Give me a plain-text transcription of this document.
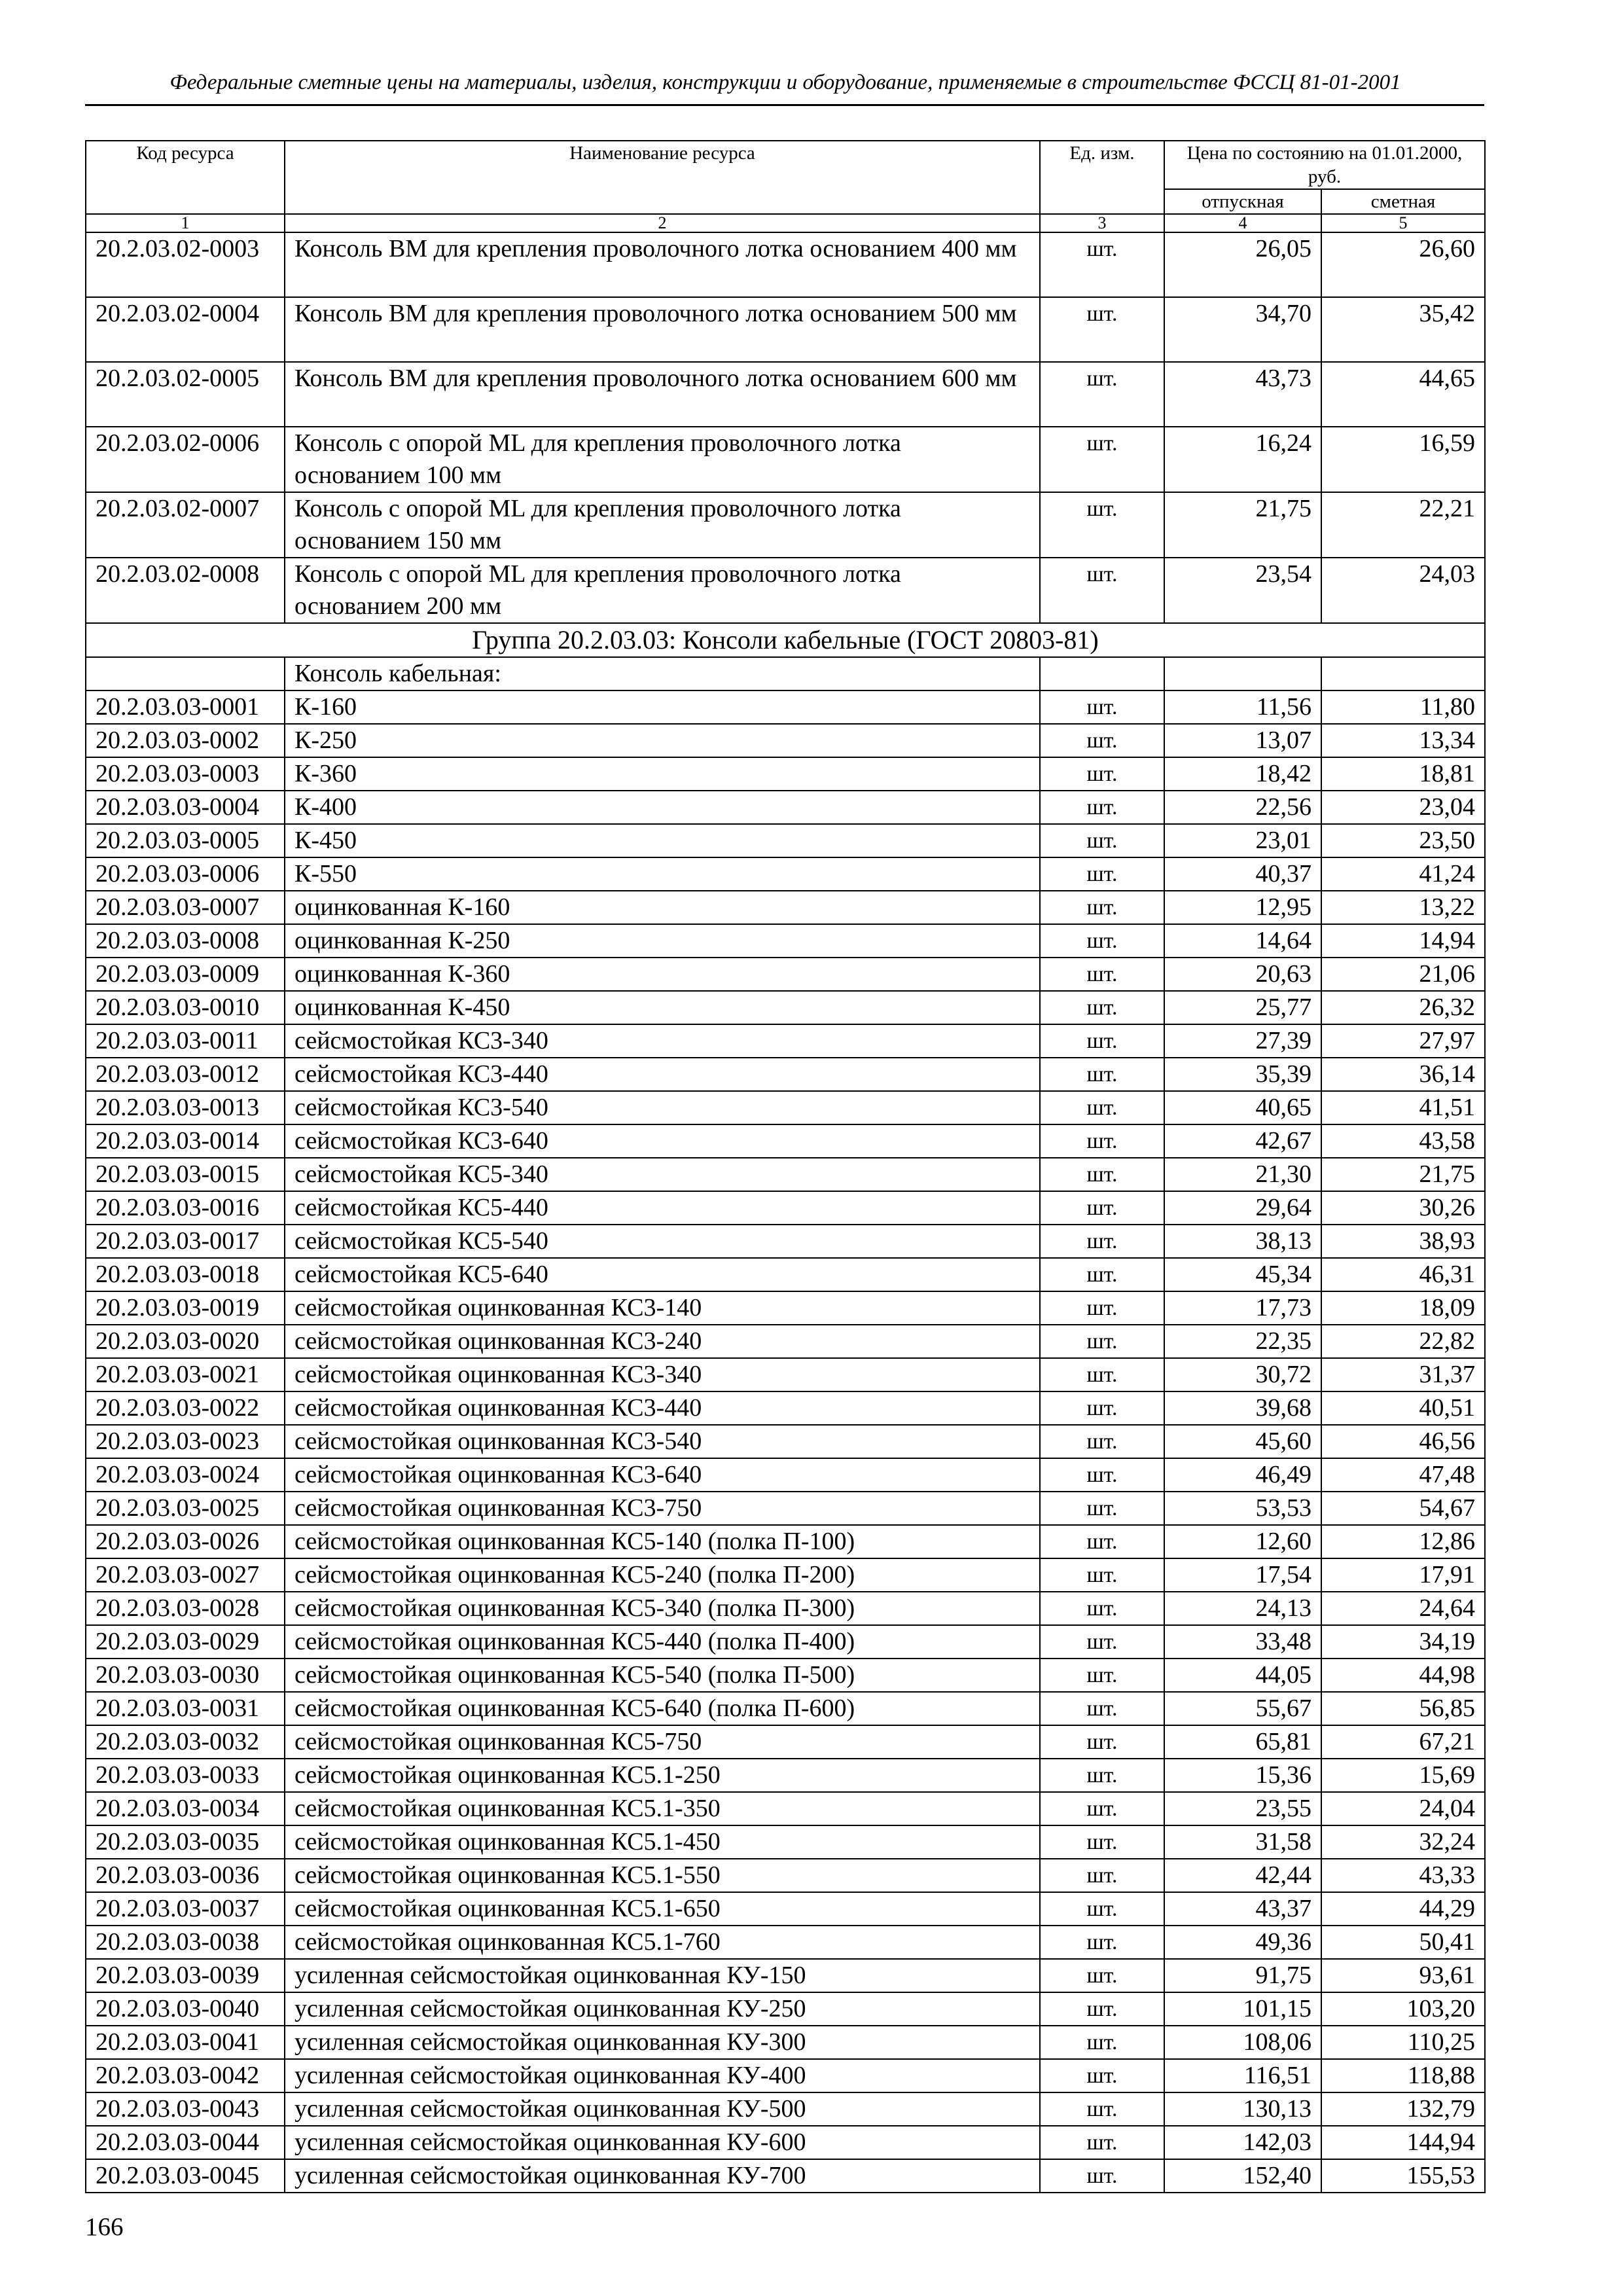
Федеральные сметные цены на материалы, изделия, конструкции и оборудование, применяемые в строительстве ФССЦ 81-01-2001
Код ресурса	Наименование ресурса	Ед. изм.	Цена по состоянию на 01.01.2000, руб.	
			отпускная	сметная
1	2	3	4	5
20.2.03.02-0003	Консоль ВМ для крепления проволочного лотка основанием 400 мм	шт.	26,05	26,60
20.2.03.02-0004	Консоль ВМ для крепления проволочного лотка основанием 500 мм	шт.	34,70	35,42
20.2.03.02-0005	Консоль ВМ для крепления проволочного лотка основанием 600 мм	шт.	43,73	44,65
20.2.03.02-0006	Консоль с опорой ML для крепления проволочного лотка основанием 100 мм	шт.	16,24	16,59
20.2.03.02-0007	Консоль с опорой ML для крепления проволочного лотка основанием 150 мм	шт.	21,75	22,21
20.2.03.02-0008	Консоль с опорой ML для крепления проволочного лотка основанием 200 мм	шт.	23,54	24,03
Группа 20.2.03.03: Консоли кабельные (ГОСТ 20803-81)				
	Консоль кабельная:			
20.2.03.03-0001	К-160	шт.	11,56	11,80
20.2.03.03-0002	К-250	шт.	13,07	13,34
20.2.03.03-0003	К-360	шт.	18,42	18,81
20.2.03.03-0004	К-400	шт.	22,56	23,04
20.2.03.03-0005	К-450	шт.	23,01	23,50
20.2.03.03-0006	К-550	шт.	40,37	41,24
20.2.03.03-0007	оцинкованная К-160	шт.	12,95	13,22
20.2.03.03-0008	оцинкованная К-250	шт.	14,64	14,94
20.2.03.03-0009	оцинкованная К-360	шт.	20,63	21,06
20.2.03.03-0010	оцинкованная К-450	шт.	25,77	26,32
20.2.03.03-0011	сейсмостойкая КС3-340	шт.	27,39	27,97
20.2.03.03-0012	сейсмостойкая КС3-440	шт.	35,39	36,14
20.2.03.03-0013	сейсмостойкая КС3-540	шт.	40,65	41,51
20.2.03.03-0014	сейсмостойкая КС3-640	шт.	42,67	43,58
20.2.03.03-0015	сейсмостойкая КС5-340	шт.	21,30	21,75
20.2.03.03-0016	сейсмостойкая КС5-440	шт.	29,64	30,26
20.2.03.03-0017	сейсмостойкая КС5-540	шт.	38,13	38,93
20.2.03.03-0018	сейсмостойкая КС5-640	шт.	45,34	46,31
20.2.03.03-0019	сейсмостойкая оцинкованная КС3-140	шт.	17,73	18,09
20.2.03.03-0020	сейсмостойкая оцинкованная КС3-240	шт.	22,35	22,82
20.2.03.03-0021	сейсмостойкая оцинкованная КС3-340	шт.	30,72	31,37
20.2.03.03-0022	сейсмостойкая оцинкованная КС3-440	шт.	39,68	40,51
20.2.03.03-0023	сейсмостойкая оцинкованная КС3-540	шт.	45,60	46,56
20.2.03.03-0024	сейсмостойкая оцинкованная КС3-640	шт.	46,49	47,48
20.2.03.03-0025	сейсмостойкая оцинкованная КС3-750	шт.	53,53	54,67
20.2.03.03-0026	сейсмостойкая оцинкованная КС5-140 (полка П-100)	шт.	12,60	12,86
20.2.03.03-0027	сейсмостойкая оцинкованная КС5-240 (полка П-200)	шт.	17,54	17,91
20.2.03.03-0028	сейсмостойкая оцинкованная КС5-340 (полка П-300)	шт.	24,13	24,64
20.2.03.03-0029	сейсмостойкая оцинкованная КС5-440 (полка П-400)	шт.	33,48	34,19
20.2.03.03-0030	сейсмостойкая оцинкованная КС5-540 (полка П-500)	шт.	44,05	44,98
20.2.03.03-0031	сейсмостойкая оцинкованная КС5-640 (полка П-600)	шт.	55,67	56,85
20.2.03.03-0032	сейсмостойкая оцинкованная КС5-750	шт.	65,81	67,21
20.2.03.03-0033	сейсмостойкая оцинкованная КС5.1-250	шт.	15,36	15,69
20.2.03.03-0034	сейсмостойкая оцинкованная КС5.1-350	шт.	23,55	24,04
20.2.03.03-0035	сейсмостойкая оцинкованная КС5.1-450	шт.	31,58	32,24
20.2.03.03-0036	сейсмостойкая оцинкованная КС5.1-550	шт.	42,44	43,33
20.2.03.03-0037	сейсмостойкая оцинкованная КС5.1-650	шт.	43,37	44,29
20.2.03.03-0038	сейсмостойкая оцинкованная КС5.1-760	шт.	49,36	50,41
20.2.03.03-0039	усиленная сейсмостойкая оцинкованная КУ-150	шт.	91,75	93,61
20.2.03.03-0040	усиленная сейсмостойкая оцинкованная КУ-250	шт.	101,15	103,20
20.2.03.03-0041	усиленная сейсмостойкая оцинкованная КУ-300	шт.	108,06	110,25
20.2.03.03-0042	усиленная сейсмостойкая оцинкованная КУ-400	шт.	116,51	118,88
20.2.03.03-0043	усиленная сейсмостойкая оцинкованная КУ-500	шт.	130,13	132,79
20.2.03.03-0044	усиленная сейсмостойкая оцинкованная КУ-600	шт.	142,03	144,94
20.2.03.03-0045	усиленная сейсмостойкая оцинкованная КУ-700	шт.	152,40	155,53
166
